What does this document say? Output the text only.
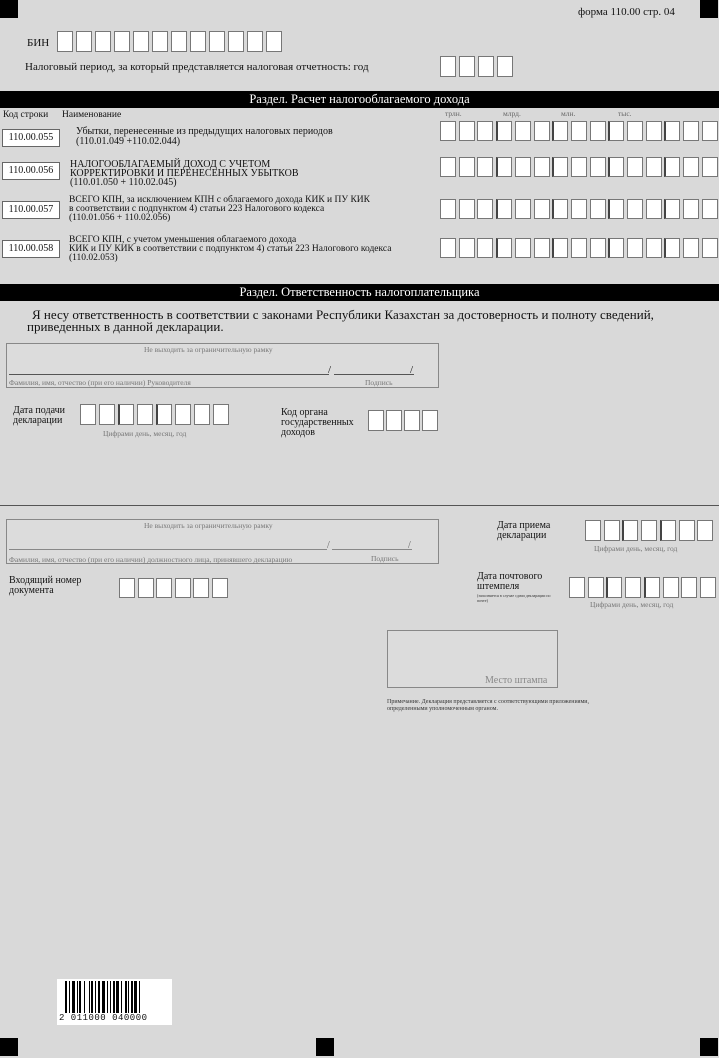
форма 110.00 стр. 04
БИН
Налоговый период, за который представляется налоговая отчетность: год
Раздел. Расчет налогооблагаемого дохода
Код строки Наименование	трлн.	млрд.	млн.	тыс.
110.00.055
Убытки, перенесенные из предыдущих налоговых периодов
(110.01.049 +110.02.044)
110.00.056
НАЛОГООБЛАГАЕМЫЙ ДОХОД С УЧЕТОМ
КОРРЕКТИРОВКИ И ПЕРЕНЕСЕННЫХ УБЫТКОВ
(110.01.050 + 110.02.045)
110.00.057
ВСЕГО КПН, за исключением КПН с облагаемого дохода КИК и ПУ КИК
в соответствии с подпунктом 4) статьи 223 Налогового кодекса
(110.01.056 + 110.02.056)
110.00.058
ВСЕГО КПН, с учетом уменьшения облагаемого дохода
КИК и ПУ КИК в соответствии с подпунктом 4) статьи 223 Налогового кодекса
(110.02.053)
Раздел. Ответственность налогоплательщика
Я несу ответственность в соответствии с законами Республики Казахстан за достоверность и полноту сведений, приведенных в данной декларации.
Не выходить за ограничительную рамку
/	/
Фамилия, имя, отчество (при его наличии) Руководителя	Подпись
Дата подачи декларации
Цифрами день, месяц, год
Код органа государственных доходов
Не выходить за ограничительную рамку
/	/
Фамилия, имя, отчество (при его наличии) должностного лица, принявшего декларацию	Подпись
Дата приема декларации
Цифрами день, месяц, год
Входящий номер документа
Дата почтового штемпеля
(заполняется в случае сдачи декларации по почте)	Цифрами день, месяц, год
Место штампа
Примечание. Декларация представляется с соответствующими приложениями, определенными уполномоченным органом.
2 011000 040000
